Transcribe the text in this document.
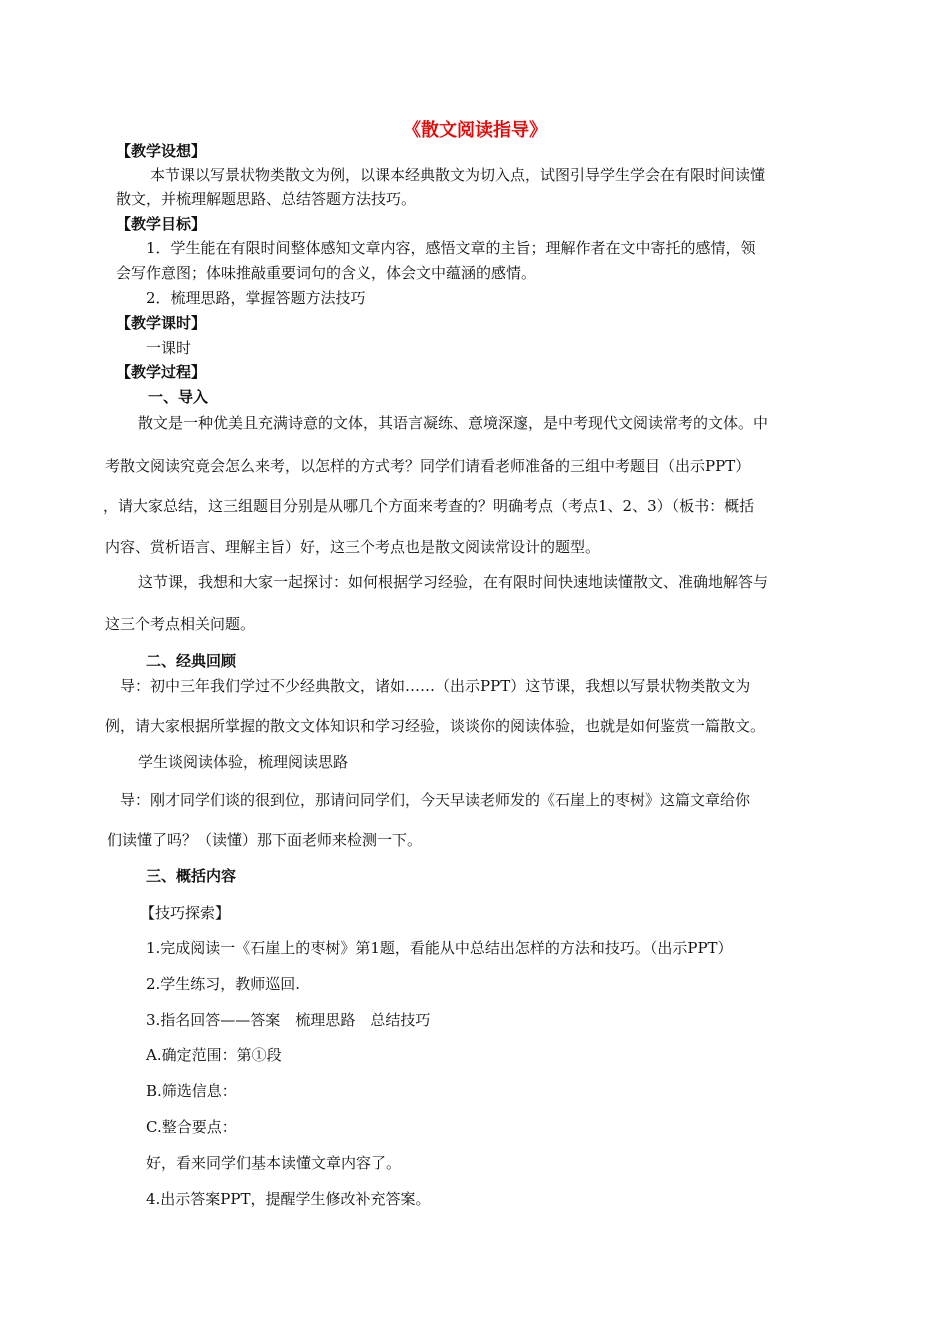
《散文阅读指导》
【教学设想】
本节课以写景状物类散文为例，以课本经典散文为切入点，试图引导学生学会在有限时间读懂
散文，并梳理解题思路、总结答题方法技巧。
【教学目标】
1．学生能在有限时间整体感知文章内容，感悟文章的主旨；理解作者在文中寄托的感情，领
会写作意图；体味推敲重要词句的含义，体会文中蕴涵的感情。
2．梳理思路，掌握答题方法技巧
【教学课时】
一课时
【教学过程】
一、导入
散文是一种优美且充满诗意的文体，其语言凝练、意境深邃，是中考现代文阅读常考的文体。中
考散文阅读究竟会怎么来考，以怎样的方式考？同学们请看老师准备的三组中考题目（出示PPT）
，请大家总结，这三组题目分别是从哪几个方面来考查的？明确考点（考点1、2、3）（板书：概括
内容、赏析语言、理解主旨）好，这三个考点也是散文阅读常设计的题型。
这节课，我想和大家一起探讨：如何根据学习经验，在有限时间快速地读懂散文、准确地解答与
这三个考点相关问题。
二、经典回顾
导：初中三年我们学过不少经典散文，诸如……（出示PPT）这节课，我想以写景状物类散文为
例，请大家根据所掌握的散文文体知识和学习经验，谈谈你的阅读体验，也就是如何鉴赏一篇散文。
学生谈阅读体验，梳理阅读思路
导：刚才同学们谈的很到位，那请问同学们，今天早读老师发的《石崖上的枣树》这篇文章给你
们读懂了吗？（读懂）那下面老师来检测一下。
三、概括内容
【技巧探索】
1.完成阅读一《石崖上的枣树》第1题，看能从中总结出怎样的方法和技巧。（出示PPT）
2.学生练习，教师巡回.
3.指名回答——答案　梳理思路　总结技巧
A.确定范围：第①段
B.筛选信息：
C.整合要点：
好，看来同学们基本读懂文章内容了。
4.出示答案PPT，提醒学生修改补充答案。
